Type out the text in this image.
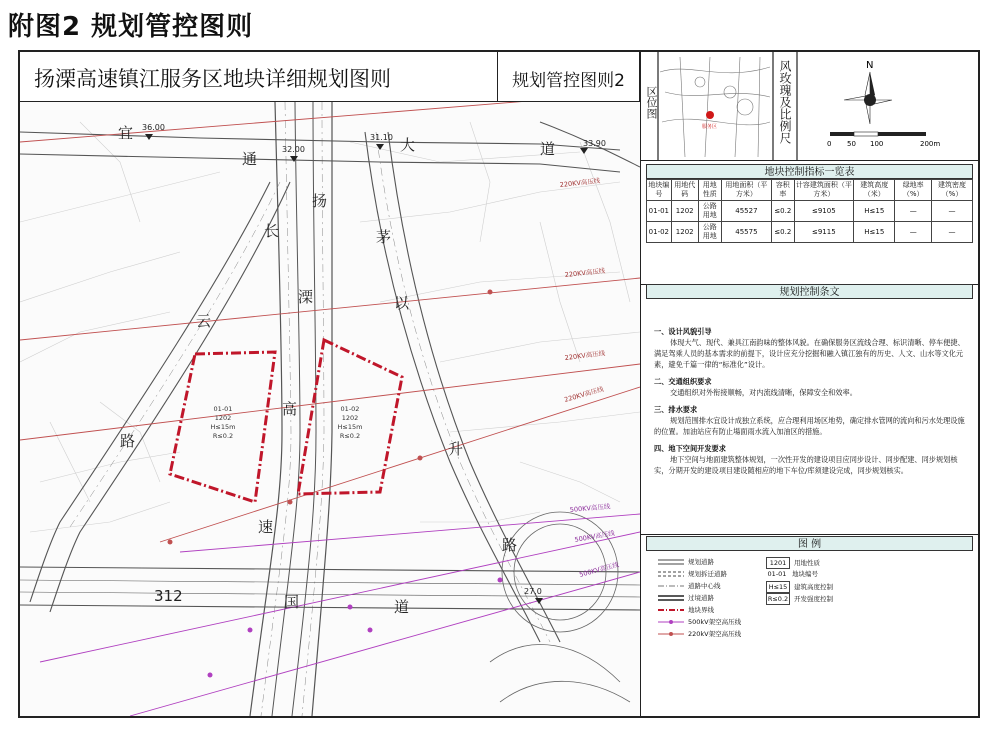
附图2 规划管控图则
扬溧高速镇江服务区地块详细规划图则	规划管控图则2
36.00
32.00
31.10
33.90
27.0
220KV高压线
220KV高压线
220KV高压线
220KV高压线
500KV高压线
500KV高压线
500KV高压线
宜
通
长
云
路
扬
溧
高
速
大
茅
以
升
路
道
国	道
312
01-01
1202
H≤15m
R≤0.2
01-02
1202
H≤15m
R≤0.2
服务区
N
0 50 100	200m
区位图	风玫瑰及比例尺
地块控制指标一览表
地块编号	用地代码	用地性质	用地面积（平方米）	容积率	计容建筑面积（平方米）	建筑高度（米）	绿地率（%）	建筑密度（%）
01-01	1202	公路用地	45527	≤0.2	≤9105	H≤15	—	—
01-02	1202	公路用地	45575	≤0.2	≤9115	H≤15	—	—
规划控制条文
一、设计风貌引导

体现大气、现代、兼具江南韵味的整体风貌。在确保服务区流线合理、标识清晰、停车便捷、满足驾乘人员的基本需求的前提下，设计应充分挖掘和融入镇江独有的历史、人文、山水等文化元素，避免千篇一律的“标准化”设计。

二、交通组织要求

交通组织对外衔接顺畅，对内流线清晰，保障安全和效率。

三、排水要求

规划范围排水宜设计成独立系统，应合理利用场区地势，确定排水管网的流向和污水处理设施的位置。加油站应有防止場面雨水流入加油区的措施。

四、地下空间开发要求

地下空间与地面建筑整体规划，一次性开发的建设项目应同步设计、同步配建、同步规划核实，分期开发的建设项目建设随相应的地下车位/库须建设完成，同步规划核实。

图 例
规划道路
规划拆迁道路
道路中心线
过境道路
地块界线
500kV架空高压线
220kV架空高压线
1201 用地性质
01-01 地块编号
H≤15 建筑高度控制
R≤0.2 开发强度控制
